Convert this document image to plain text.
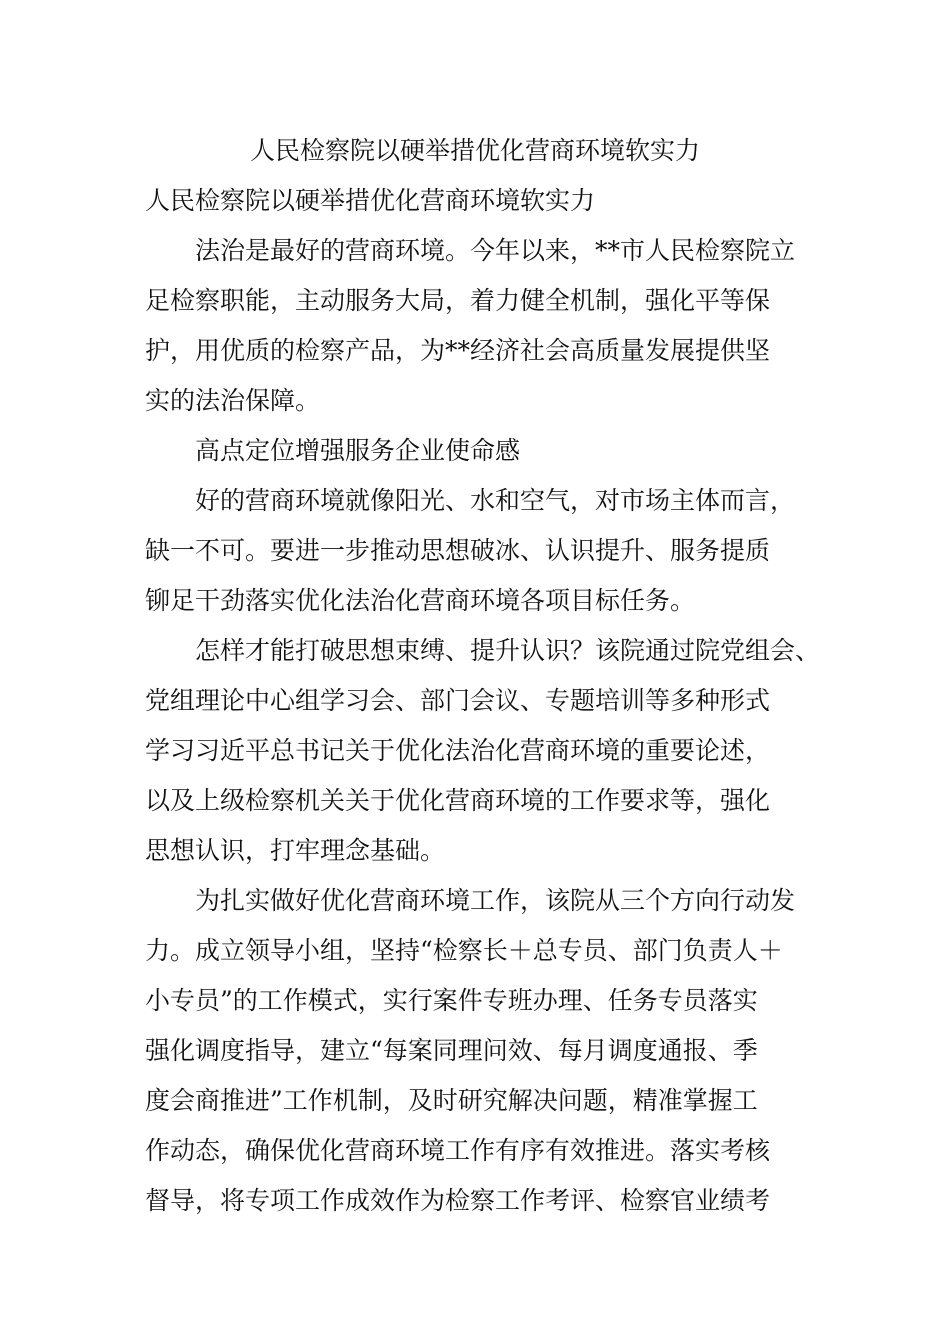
人民检察院以硬举措优化营商环境软实力
人民检察院以硬举措优化营商环境软实力
　　法治是最好的营商环境。今年以来，**市人民检察院立
足检察职能，主动服务大局，着力健全机制，强化平等保
护，用优质的检察产品，为**经济社会高质量发展提供坚
实的法治保障。
　　高点定位增强服务企业使命感
　　好的营商环境就像阳光、水和空气，对市场主体而言，
缺一不可。要进一步推动思想破冰、认识提升、服务提质
铆足干劲落实优化法治化营商环境各项目标任务。
　　怎样才能打破思想束缚、提升认识？该院通过院党组会、
党组理论中心组学习会、部门会议、专题培训等多种形式
学习习近平总书记关于优化法治化营商环境的重要论述，
以及上级检察机关关于优化营商环境的工作要求等，强化
思想认识，打牢理念基础。
　　为扎实做好优化营商环境工作，该院从三个方向行动发
力。成立领导小组，坚持“检察长＋总专员、部门负责人＋
小专员”的工作模式，实行案件专班办理、任务专员落实
强化调度指导，建立“每案同理问效、每月调度通报、季
度会商推进”工作机制，及时研究解决问题，精准掌握工
作动态，确保优化营商环境工作有序有效推进。落实考核
督导，将专项工作成效作为检察工作考评、检察官业绩考
